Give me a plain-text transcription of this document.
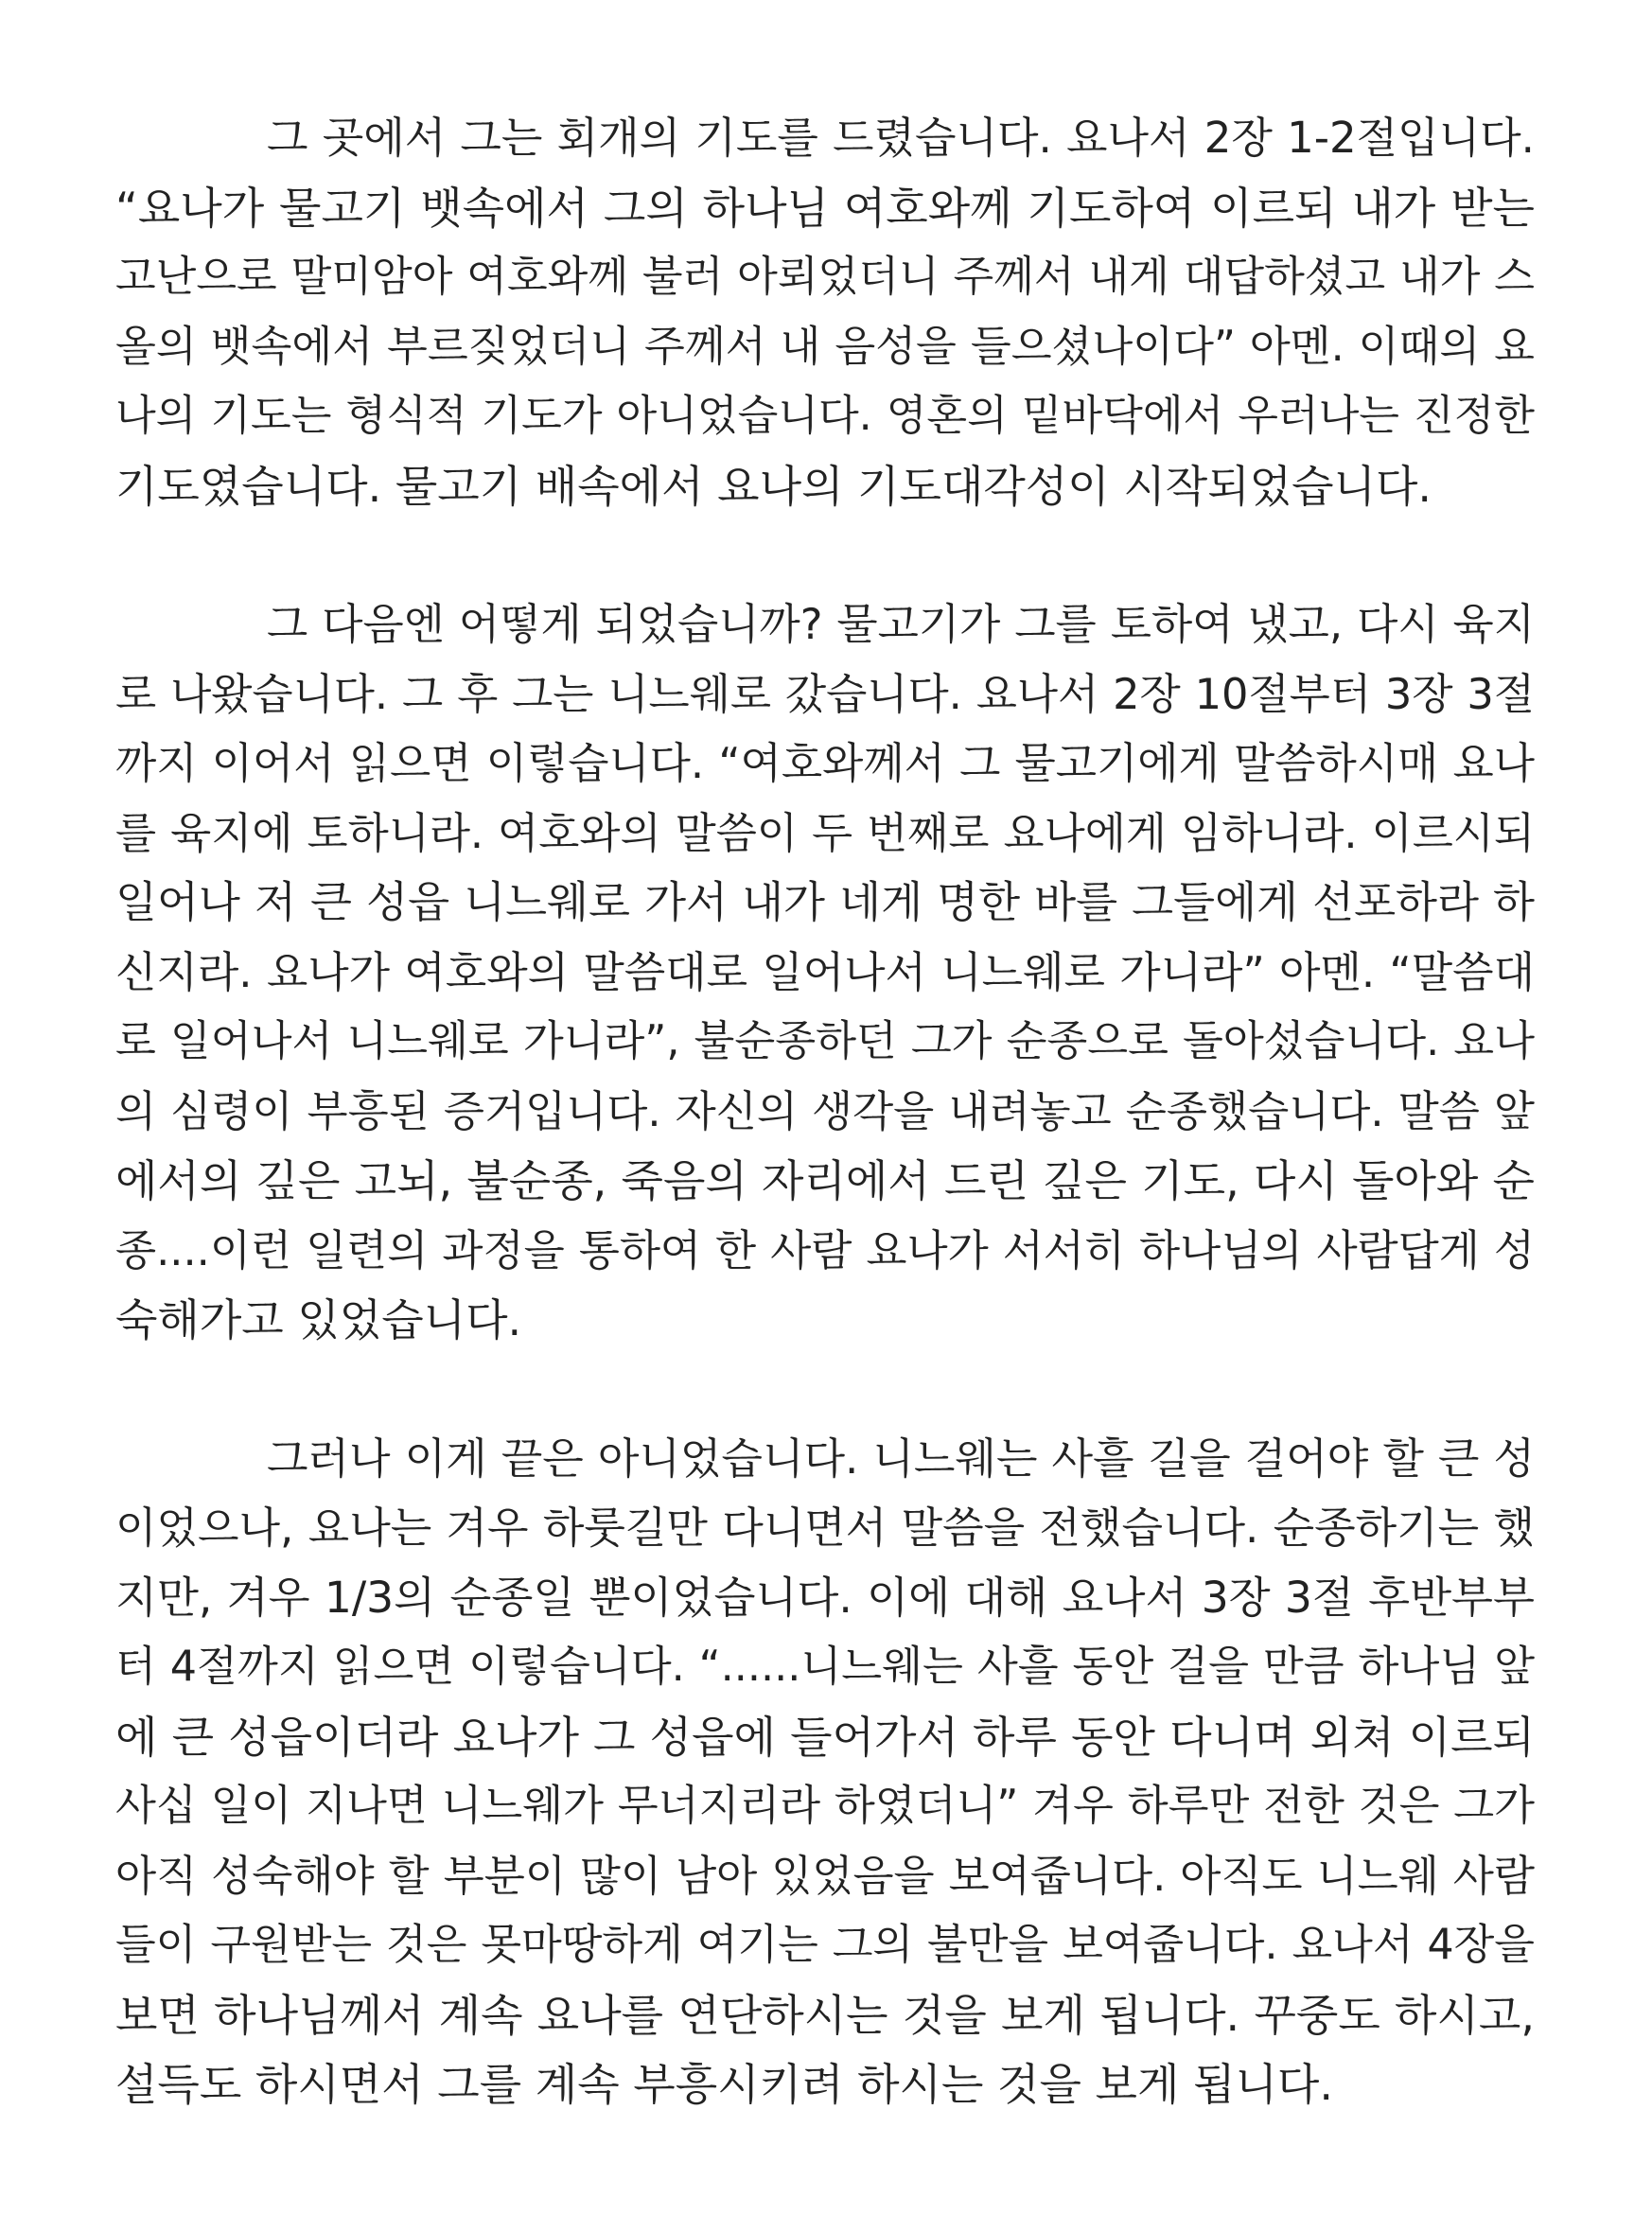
그 곳에서 그는 회개의 기도를 드렸습니다. 요나서 2장 1-2절입니다.
“요나가 물고기 뱃속에서 그의 하나님 여호와께 기도하여 이르되 내가 받는
고난으로 말미암아 여호와께 불러 아뢰었더니 주께서 내게 대답하셨고 내가 스
올의 뱃속에서 부르짖었더니 주께서 내 음성을 들으셨나이다” 아멘. 이때의 요
나의 기도는 형식적 기도가 아니었습니다. 영혼의 밑바닥에서 우러나는 진정한
기도였습니다. 물고기 배속에서 요나의 기도대각성이 시작되었습니다.
그 다음엔 어떻게 되었습니까? 물고기가 그를 토하여 냈고, 다시 육지
로 나왔습니다. 그 후 그는 니느웨로 갔습니다. 요나서 2장 10절부터 3장 3절
까지 이어서 읽으면 이렇습니다. “여호와께서 그 물고기에게 말씀하시매 요나
를 육지에 토하니라. 여호와의 말씀이 두 번째로 요나에게 임하니라. 이르시되
일어나 저 큰 성읍 니느웨로 가서 내가 네게 명한 바를 그들에게 선포하라 하
신지라. 요나가 여호와의 말씀대로 일어나서 니느웨로 가니라” 아멘. “말씀대
로 일어나서 니느웨로 가니라”, 불순종하던 그가 순종으로 돌아섰습니다. 요나
의 심령이 부흥된 증거입니다. 자신의 생각을 내려놓고 순종했습니다. 말씀 앞
에서의 깊은 고뇌, 불순종, 죽음의 자리에서 드린 깊은 기도, 다시 돌아와 순
종....이런 일련의 과정을 통하여 한 사람 요나가 서서히 하나님의 사람답게 성
숙해가고 있었습니다.
그러나 이게 끝은 아니었습니다. 니느웨는 사흘 길을 걸어야 할 큰 성
이었으나, 요나는 겨우 하룻길만 다니면서 말씀을 전했습니다. 순종하기는 했
지만, 겨우 1/3의 순종일 뿐이었습니다. 이에 대해 요나서 3장 3절 후반부부
터 4절까지 읽으면 이렇습니다. “......니느웨는 사흘 동안 걸을 만큼 하나님 앞
에 큰 성읍이더라 요나가 그 성읍에 들어가서 하루 동안 다니며 외쳐 이르되
사십 일이 지나면 니느웨가 무너지리라 하였더니” 겨우 하루만 전한 것은 그가
아직 성숙해야 할 부분이 많이 남아 있었음을 보여줍니다. 아직도 니느웨 사람
들이 구원받는 것은 못마땅하게 여기는 그의 불만을 보여줍니다. 요나서 4장을
보면 하나님께서 계속 요나를 연단하시는 것을 보게 됩니다. 꾸중도 하시고,
설득도 하시면서 그를 계속 부흥시키려 하시는 것을 보게 됩니다.
